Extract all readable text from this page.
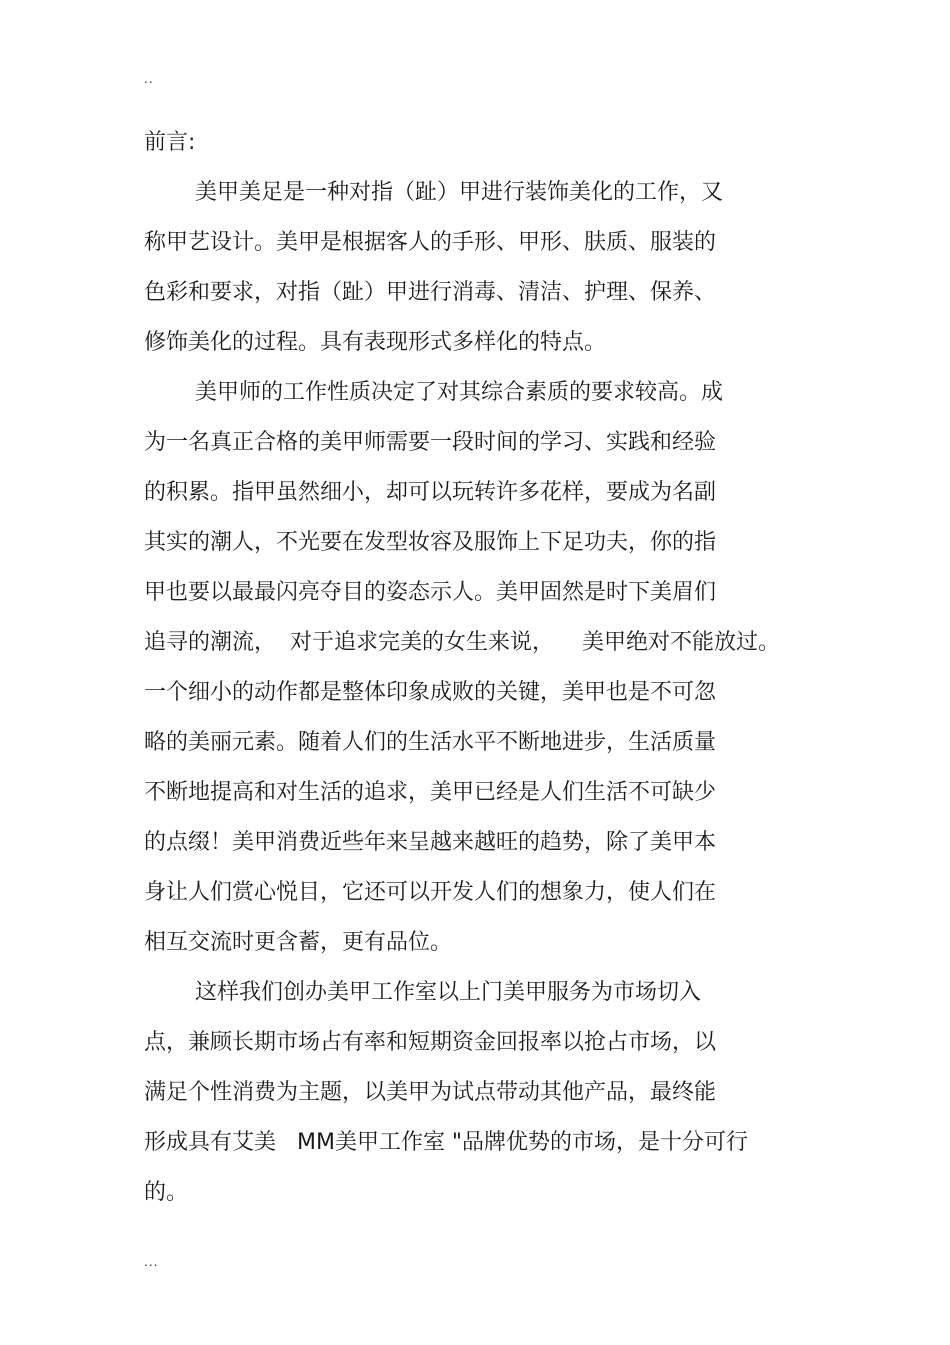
..
前言:
美甲美足是一种对指（趾）甲进行装饰美化的工作，又
称甲艺设计。美甲是根据客人的手形、甲形、肤质、服装的
色彩和要求，对指（趾）甲进行消毒、清洁、护理、保养、
修饰美化的过程。具有表现形式多样化的特点。
美甲师的工作性质决定了对其综合素质的要求较高。成
为一名真正合格的美甲师需要一段时间的学习、实践和经验
的积累。指甲虽然细小，却可以玩转许多花样，要成为名副
其实的潮人，不光要在发型妆容及服饰上下足功夫，你的指
甲也要以最最闪亮夺目的姿态示人。美甲固然是时下美眉们
追寻的潮流，  对于追求完美的女生来说，    美甲绝对不能放过。
一个细小的动作都是整体印象成败的关键，美甲也是不可忽
略的美丽元素。随着人们的生活水平不断地进步，生活质量
不断地提高和对生活的追求，美甲已经是人们生活不可缺少
的点缀！美甲消费近些年来呈越来越旺的趋势，除了美甲本
身让人们赏心悦目，它还可以开发人们的想象力，使人们在
相互交流时更含蓄，更有品位。
这样我们创办美甲工作室以上门美甲服务为市场切入
点，兼顾长期市场占有率和短期资金回报率以抢占市场，以
满足个性消费为主题，以美甲为试点带动其他产品，最终能
形成具有艾美   MM美甲工作室 "品牌优势的市场，是十分可行
的。
...
